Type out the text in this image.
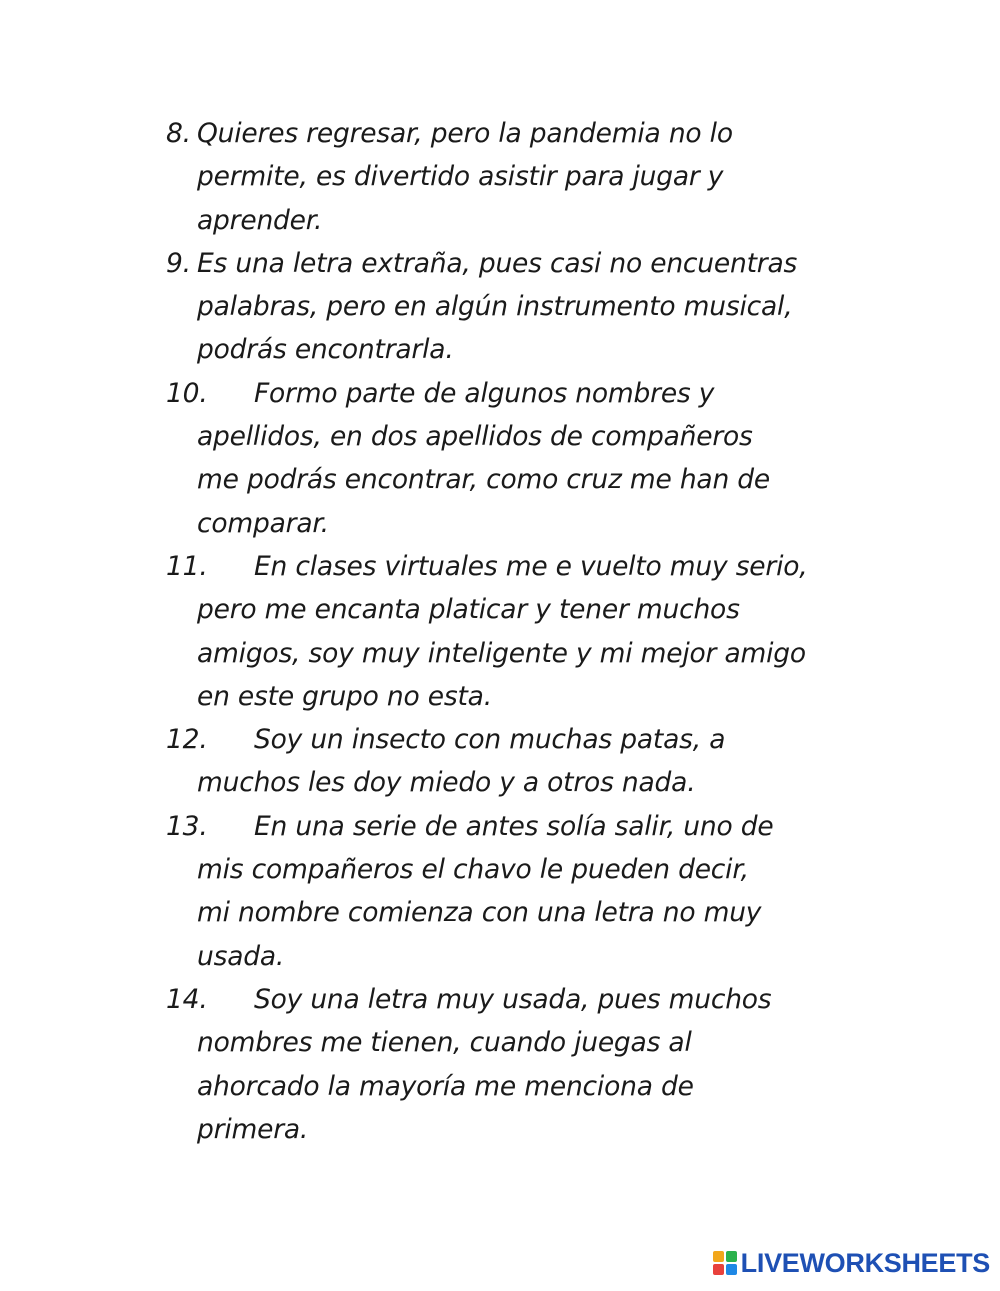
8. Quieres regresar, pero la pandemia no lo
permite, es divertido asistir para jugar y
aprender.
9. Es una letra extraña, pues casi no encuentras
palabras, pero en algún instrumento musical,
podrás encontrarla.
10.	Formo parte de algunos nombres y
apellidos, en dos apellidos de compañeros
me podrás encontrar, como cruz me han de
comparar.
11.	En clases virtuales me e vuelto muy serio,
pero me encanta platicar y tener muchos
amigos, soy muy inteligente y mi mejor amigo
en este grupo no esta.
12.	Soy un insecto con muchas patas, a
muchos les doy miedo y a otros nada.
13.	En una serie de antes solía salir, uno de
mis compañeros el chavo le pueden decir,
mi nombre comienza con una letra no muy
usada.
14.	Soy una letra muy usada, pues muchos
nombres me tienen, cuando juegas al
ahorcado la mayoría me menciona de
primera.
LIVEWORKSHEETS
